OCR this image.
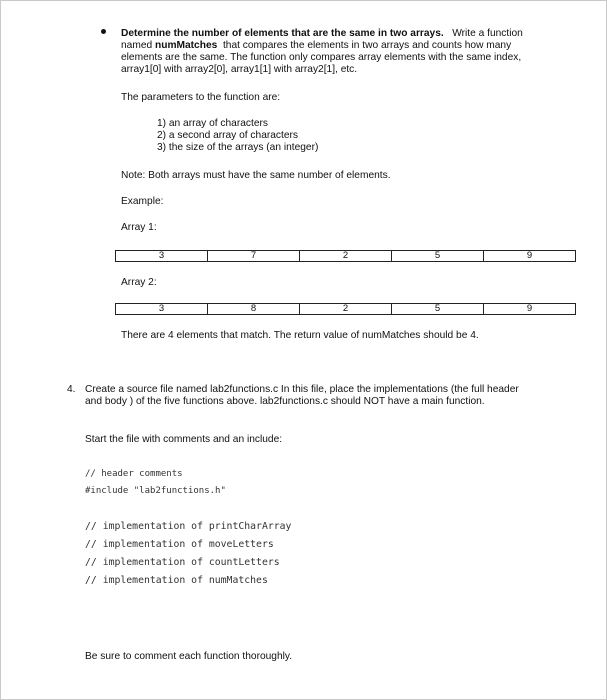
Determine the number of elements that are the same in two arrays. Write a function
named numMatches that compares the elements in two arrays and counts how many
elements are the same. The function only compares array elements with the same index,
array1[0] with array2[0], array1[1] with array2[1], etc.
The parameters to the function are:
1) an array of characters
2) a second array of characters
3) the size of the arrays (an integer)
Note: Both arrays must have the same number of elements.
Example:
Array 1:
3	7	2	5	9
Array 2:
3	8	2	5	9
There are 4 elements that match. The return value of numMatches should be 4.
4. Create a source file named lab2functions.c In this file, place the implementations (the full header
and body ) of the five functions above. lab2functions.c should NOT have a main function.
Start the file with comments and an include:
// header comments
#include "lab2functions.h"
// implementation of printCharArray
// implementation of moveLetters
// implementation of countLetters
// implementation of numMatches
Be sure to comment each function thoroughly.
